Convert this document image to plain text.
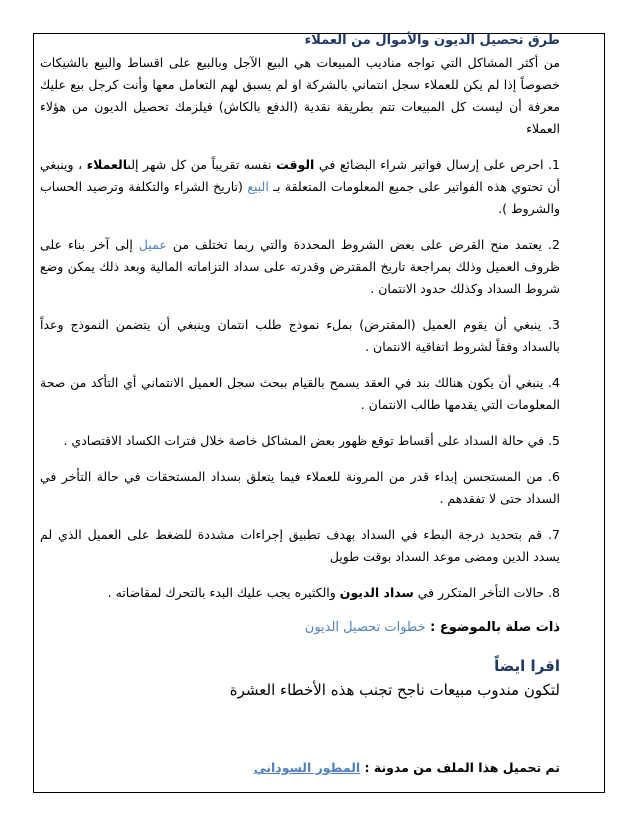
طرق تحصيل الديون والأموال من العملاء

من أكثر المشاكل التي تواجه مناديب المبيعات هي البيع الآجل وبالبيع على اقساط والبيع بالشيكات خصوصاً إذا لم يكن للعملاء سجل انتماني بالشركة او لم يسبق لهم التعامل معها وأنت كرجل بيع عليك معرفة أن ليست كل المبيعات تتم بطريقة نقدية (الدفع بالكاش) فيلزمك تحصيل الديون من هؤلاء العملاء

1. احرص على إرسال فواتير شراء البضائع في الوقت نفسه تقريباً من كل شهر إلىالعملاء ، وينبغي أن تحتوي هذه الفواتير على جميع المعلومات المتعلقة بـ البيع (تاريخ الشراء والتكلفة وترصيد الحساب والشروط ).

2. يعتمد منح القرض على بعض الشروط المحددة والتي ربما تختلف من عميل إلى آخر بناء على ظروف العميل وذلك بمراجعة تاريخ المقترض وقدرته على سداد التزاماته المالية وبعد ذلك يمكن وضع شروط السداد وكذلك حدود الانتمان .

3. ينبغي أن يقوم العميل (المقترض) بملء نموذج طلب انتمان وينبغي أن يتضمن النموذج وعداً بالسداد وفقاً لشروط اتفاقية الانتمان .

4. ينبغي أن يكون هنالك بند في العقد يسمح بالقيام ببحث سجل العميل الانتماني أي التأكد من صحة المعلومات التي يقدمها طالب الانتمان .

5. في حالة السداد على أقساط توقع ظهور بعض المشاكل خاصة خلال فترات الكساد الاقتصادي .

6. من المستحسن إبداء قدر من المرونة للعملاء فيما يتعلق بسداد المستحقات في حالة التأخر في السداد حتى لا تفقدهم .

7. قم بتحديد درجة البطء في السداد بهدف تطبيق إجراءات مشددة للضغط على العميل الذي لم يسدد الدين ومضى موعد السداد بوقت طويل

8. حالات التأخر المتكرر في سداد الديون والكثيره يجب عليك البدء بالتحرك لمقاضاته .

ذات صلة بالموضوع : خطوات تحصيل الديون
اقرا ايضاً
لتكون مندوب مبيعات ناجح تجنب هذه الأخطاء العشرة
تم تحميل هذا الملف من مدونة : المطور السوداني
